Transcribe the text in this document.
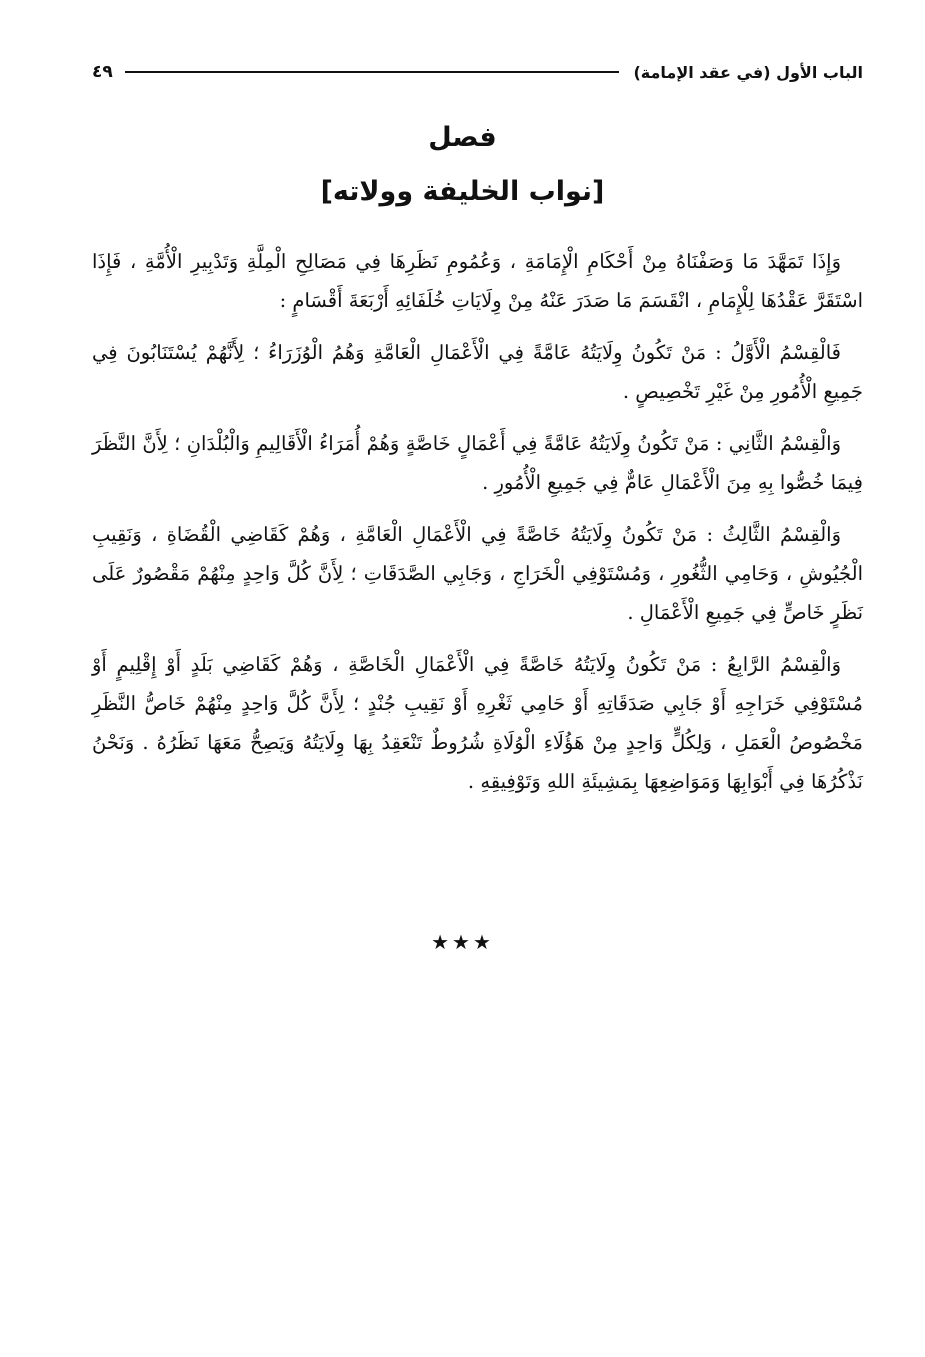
الباب الأول (في عقد الإمامة)
٤٩
فصل
[نواب الخليفة وولاته]

وَإِذَا تَمَهَّدَ مَا وَصَفْنَاهُ مِنْ أَحْكَامِ الْإِمَامَةِ ، وَعُمُومِ نَظَرِهَا فِي مَصَالِحِ الْمِلَّةِ وَتَدْبِيرِ الْأُمَّةِ ، فَإِذَا اسْتَقَرَّ عَقْدُهَا لِلْإِمَامِ ، انْقَسَمَ مَا صَدَرَ عَنْهُ مِنْ وِلَايَاتِ خُلَفَائِهِ أَرْبَعَةَ أَقْسَامٍ :

فَالْقِسْمُ الْأَوَّلُ : مَنْ تَكُونُ وِلَايَتُهُ عَامَّةً فِي الْأَعْمَالِ الْعَامَّةِ وَهُمُ الْوُزَرَاءُ ؛ لِأَنَّهُمْ يُسْتَنَابُونَ فِي جَمِيعِ الْأُمُورِ مِنْ غَيْرِ تَخْصِيصٍ .

وَالْقِسْمُ الثَّانِي : مَنْ تَكُونُ وِلَايَتُهُ عَامَّةً فِي أَعْمَالٍ خَاصَّةٍ وَهُمْ أُمَرَاءُ الْأَقَالِيمِ وَالْبُلْدَانِ ؛ لِأَنَّ النَّظَرَ فِيمَا خُصُّوا بِهِ مِنَ الْأَعْمَالِ عَامٌّ فِي جَمِيعِ الْأُمُورِ .

وَالْقِسْمُ الثَّالِثُ : مَنْ تَكُونُ وِلَايَتُهُ خَاصَّةً فِي الْأَعْمَالِ الْعَامَّةِ ، وَهُمْ كَقَاضِي الْقُضَاةِ ، وَنَقِيبِ الْجُيُوشِ ، وَحَامِي الثُّغُورِ ، وَمُسْتَوْفِي الْخَرَاجِ ، وَجَابِي الصَّدَقَاتِ ؛ لِأَنَّ كُلَّ وَاحِدٍ مِنْهُمْ مَقْصُورٌ عَلَى نَظَرٍ خَاصٍّ فِي جَمِيعِ الْأَعْمَالِ .

وَالْقِسْمُ الرَّابِعُ : مَنْ تَكُونُ وِلَايَتُهُ خَاصَّةً فِي الْأَعْمَالِ الْخَاصَّةِ ، وَهُمْ كَقَاضِي بَلَدٍ أَوْ إِقْلِيمٍ أَوْ مُسْتَوْفِي خَرَاجِهِ أَوْ جَابِي صَدَقَاتِهِ أَوْ حَامِي ثَغْرِهِ أَوْ نَقِيبِ جُنْدٍ ؛ لِأَنَّ كُلَّ وَاحِدٍ مِنْهُمْ خَاصُّ النَّظَرِ مَخْصُوصُ الْعَمَلِ ، وَلِكُلٍّ وَاحِدٍ مِنْ هَؤُلَاءِ الْوُلَاةِ شُرُوطٌ تَنْعَقِدُ بِهَا وِلَايَتُهُ وَيَصِحُّ مَعَهَا نَظَرُهُ . وَنَحْنُ نَذْكُرُهَا فِي أَبْوَابِهَا وَمَوَاضِعِهَا بِمَشِيئَةِ اللهِ وَتَوْفِيقِهِ .

★★★
